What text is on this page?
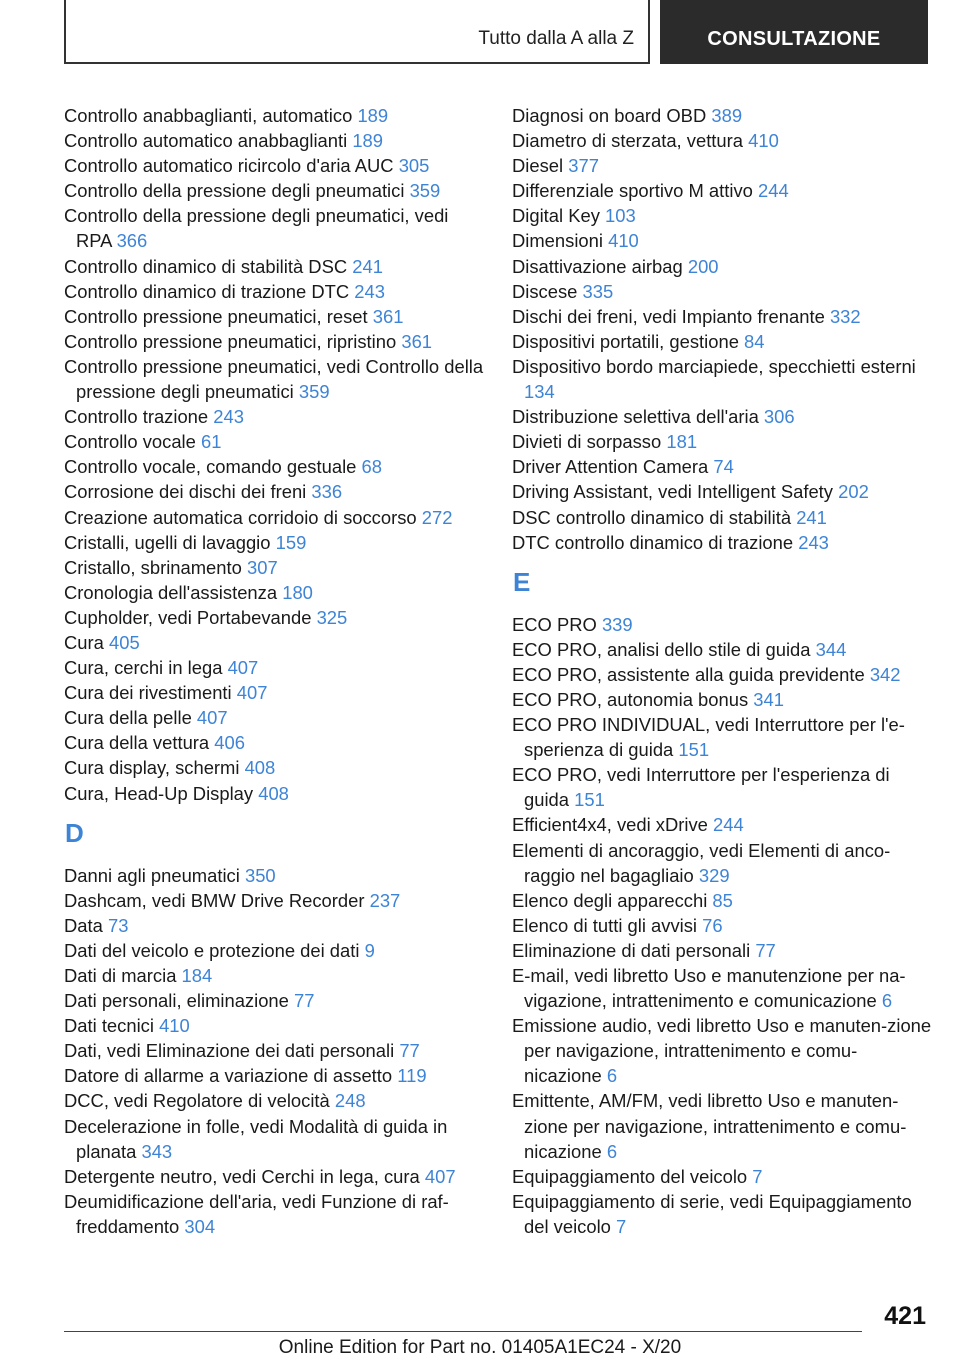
Tutto dalla A alla Z	CONSULTAZIONE
Controllo anabbaglianti, automatico 189
Controllo automatico anabbaglianti 189
Controllo automatico ricircolo d'aria AUC 305
Controllo della pressione degli pneumatici 359
Controllo della pressione degli pneumatici, vedi RPA 366
Controllo dinamico di stabilità DSC 241
Controllo dinamico di trazione DTC 243
Controllo pressione pneumatici, reset 361
Controllo pressione pneumatici, ripristino 361
Controllo pressione pneumatici, vedi Controllo della pressione degli pneumatici 359
Controllo trazione 243
Controllo vocale 61
Controllo vocale, comando gestuale 68
Corrosione dei dischi dei freni 336
Creazione automatica corridoio di soccorso 272
Cristalli, ugelli di lavaggio 159
Cristallo, sbrinamento 307
Cronologia dell'assistenza 180
Cupholder, vedi Portabevande 325
Cura 405
Cura, cerchi in lega 407
Cura dei rivestimenti 407
Cura della pelle 407
Cura della vettura 406
Cura display, schermi 408
Cura, Head-Up Display 408
D
Danni agli pneumatici 350
Dashcam, vedi BMW Drive Recorder 237
Data 73
Dati del veicolo e protezione dei dati 9
Dati di marcia 184
Dati personali, eliminazione 77
Dati tecnici 410
Dati, vedi Eliminazione dei dati personali 77
Datore di allarme a variazione di assetto 119
DCC, vedi Regolatore di velocità 248
Decelerazione in folle, vedi Modalità di guida in planata 343
Detergente neutro, vedi Cerchi in lega, cura 407
Deumidificazione dell'aria, vedi Funzione di raf-freddamento 304
Diagnosi on board OBD 389
Diametro di sterzata, vettura 410
Diesel 377
Differenziale sportivo M attivo 244
Digital Key 103
Dimensioni 410
Disattivazione airbag 200
Discese 335
Dischi dei freni, vedi Impianto frenante 332
Dispositivi portatili, gestione 84
Dispositivo bordo marciapiede, specchietti esterni 134
Distribuzione selettiva dell'aria 306
Divieti di sorpasso 181
Driver Attention Camera 74
Driving Assistant, vedi Intelligent Safety 202
DSC controllo dinamico di stabilità 241
DTC controllo dinamico di trazione 243
E
ECO PRO 339
ECO PRO, analisi dello stile di guida 344
ECO PRO, assistente alla guida previdente 342
ECO PRO, autonomia bonus 341
ECO PRO INDIVIDUAL, vedi Interruttore per l'e-sperienza di guida 151
ECO PRO, vedi Interruttore per l'esperienza di guida 151
Efficient4x4, vedi xDrive 244
Elementi di ancoraggio, vedi Elementi di anco-raggio nel bagagliaio 329
Elenco degli apparecchi 85
Elenco di tutti gli avvisi 76
Eliminazione di dati personali 77
E-mail, vedi libretto Uso e manutenzione per na-vigazione, intrattenimento e comunicazione 6
Emissione audio, vedi libretto Uso e manuten-zione per navigazione, intrattenimento e comu-nicazione 6
Emittente, AM/FM, vedi libretto Uso e manuten-zione per navigazione, intrattenimento e comu-nicazione 6
Equipaggiamento del veicolo 7
Equipaggiamento di serie, vedi Equipaggiamento del veicolo 7
421
Online Edition for Part no. 01405A1EC24 - X/20
